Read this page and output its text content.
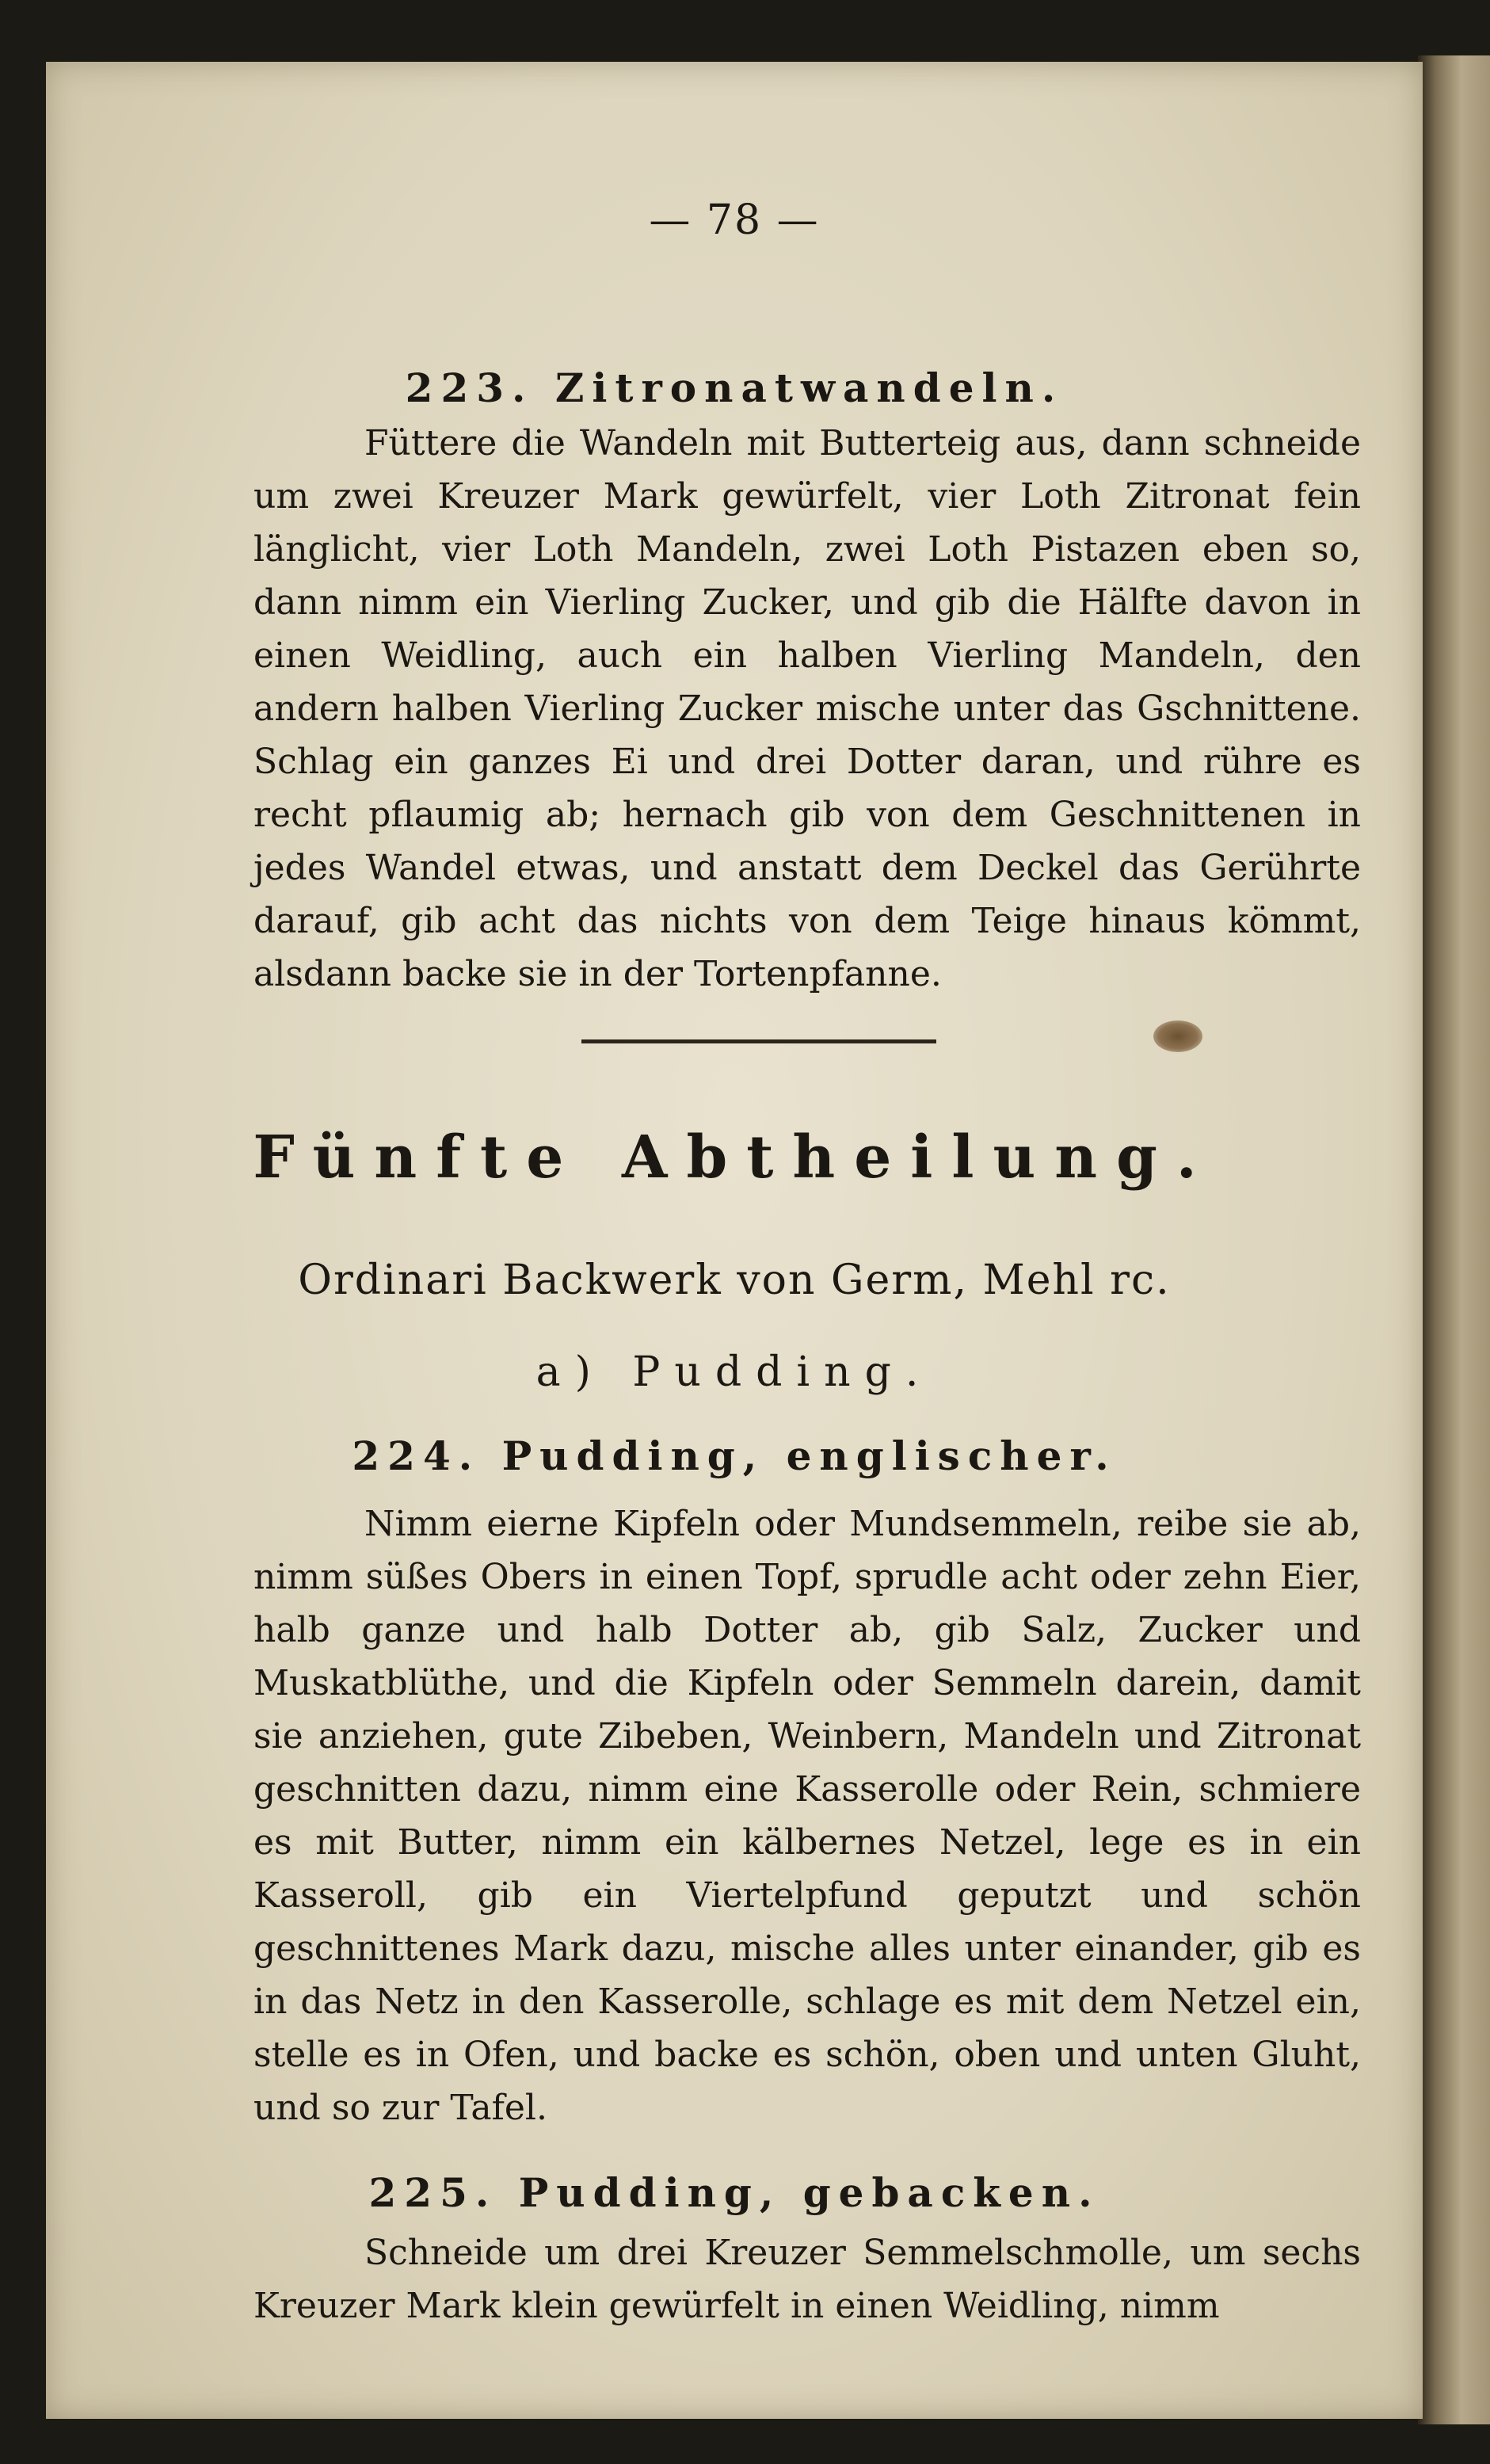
— 78 —
223. Zitronatwandeln.
Füttere die Wandeln mit Butterteig aus, dann schneide um zwei Kreuzer Mark gewürfelt, vier Loth Zitronat fein länglicht, vier Loth Mandeln, zwei Loth Pistazen eben so, dann nimm ein Vierling Zucker, und gib die Hälfte davon in einen Weidling, auch ein halben Vierling Mandeln, den andern halben Vierling Zucker mische unter das Gschnittene. Schlag ein ganzes Ei und drei Dotter daran, und rühre es recht pflaumig ab; hernach gib von dem Geschnittenen in jedes Wandel etwas, und anstatt dem Deckel das Gerührte darauf, gib acht das nichts von dem Teige hinaus kömmt, alsdann backe sie in der Tortenpfanne.
Fünfte Abtheilung.
Ordinari Backwerk von Germ, Mehl rc.
a) Pudding.
224. Pudding, englischer.
Nimm eierne Kipfeln oder Mundsemmeln, reibe sie ab, nimm süßes Obers in einen Topf, sprudle acht oder zehn Eier, halb ganze und halb Dotter ab, gib Salz, Zucker und Muskatblüthe, und die Kipfeln oder Semmeln darein, damit sie anziehen, gute Zibeben, Weinbern, Mandeln und Zitronat geschnitten dazu, nimm eine Kasserolle oder Rein, schmiere es mit Butter, nimm ein kälbernes Netzel, lege es in ein Kasseroll, gib ein Viertelpfund geputzt und schön geschnittenes Mark dazu, mische alles unter einander, gib es in das Netz in den Kasserolle, schlage es mit dem Netzel ein, stelle es in Ofen, und backe es schön, oben und unten Gluht, und so zur Tafel.
225. Pudding, gebacken.
Schneide um drei Kreuzer Semmelschmolle, um sechs Kreuzer Mark klein gewürfelt in einen Weidling, nimm
